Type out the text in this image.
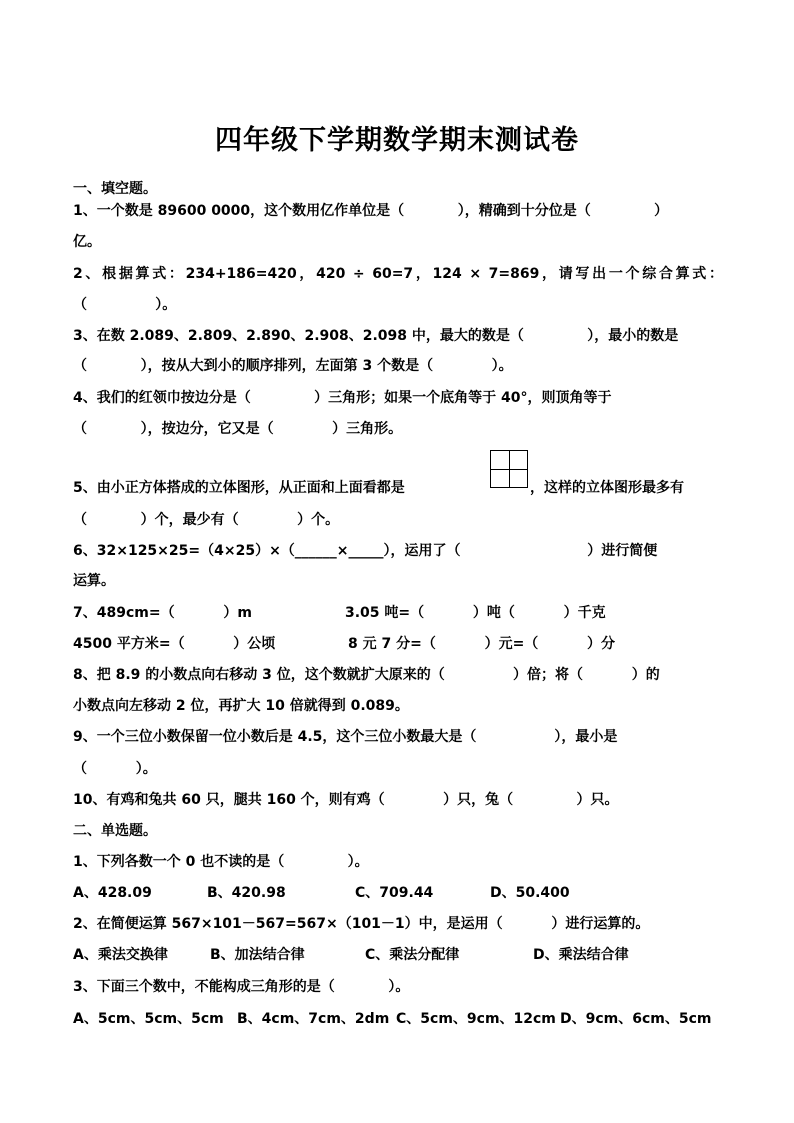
四年级下学期数学期末测试卷
一、填空题。
1、一个数是 89600 0000，这个数用亿作单位是（           ），精确到十分位是（             ）
亿。
2、根据算式：234+186=420，420 ÷ 60=7，124 × 7=869，请写出一个综合算式：
（              ）。
3、在数 2.089、2.809、2.890、2.908、2.098 中，最大的数是（             ），最小的数是
（           ），按从大到小的顺序排列，左面第 3 个数是（            ）。
4、我们的红领巾按边分是（             ）三角形；如果一个底角等于 40°，则顶角等于
（           ），按边分，它又是（            ）三角形。
5、由小正方体搭成的立体图形，从正面和上面看都是	，这样的立体图形最多有
（           ）个，最少有（            ）个。
6、32×125×25=（4×25）×（______×_____），运用了（                          ）进行简便
运算。
7、489cm=（          ）m	3.05 吨=（          ）吨（          ）千克
4500 平方米=（          ）公顷	8 元 7 分=（          ）元=（          ）分
8、把 8.9 的小数点向右移动 3 位，这个数就扩大原来的（              ）倍；将（          ）的
小数点向左移动 2 位，再扩大 10 倍就得到 0.089。
9、一个三位小数保留一位小数后是 4.5，这个三位小数最大是（                ），最小是
（          ）。
10、有鸡和兔共 60 只，腿共 160 个，则有鸡（            ）只，兔（             ）只。
二、单选题。
1、下列各数一个 0 也不读的是（             ）。
A、428.09	B、420.98	C、709.44	D、50.400
2、在简便运算 567×101－567=567×（101－1）中，是运用（          ）进行运算的。
A、乘法交换律	B、加法结合律	C、乘法分配律	D、乘法结合律
3、下面三个数中，不能构成三角形的是（           ）。
A、5cm、5cm、5cm B、4cm、7cm、2dm C、5cm、9cm、12cm D、9cm、6cm、5cm
